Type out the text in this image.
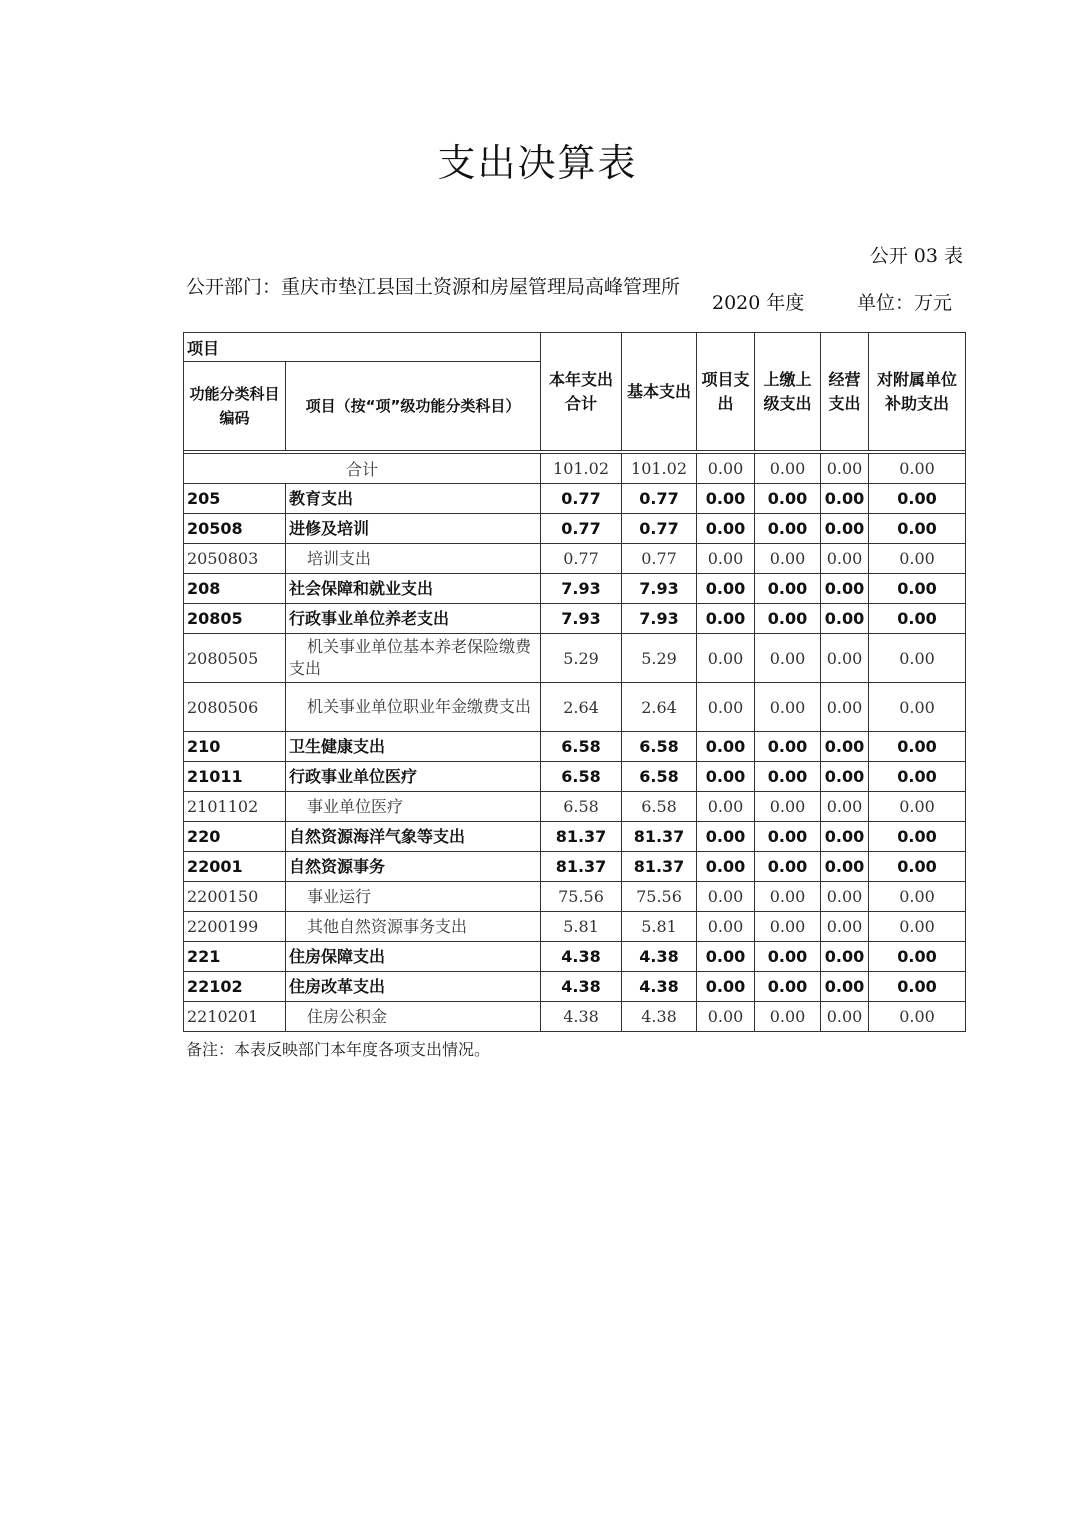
支出决算表
公开 03 表
公开部门：重庆市垫江县国土资源和房屋管理局高峰管理所
2020 年度	单位：万元
项目		本年支出合计	基本支出	项目支出	上缴上级支出	经营支出	对附属单位补助支出
功能分类科目编码	项目（按“项”级功能分类科目）						

合计		101.02	101.02	0.00	0.00	0.00	0.00
205	教育支出	0.77	0.77	0.00	0.00	0.00	0.00
20508	进修及培训	0.77	0.77	0.00	0.00	0.00	0.00
2050803	培训支出	0.77	0.77	0.00	0.00	0.00	0.00
208	社会保障和就业支出	7.93	7.93	0.00	0.00	0.00	0.00
20805	行政事业单位养老支出	7.93	7.93	0.00	0.00	0.00	0.00
2080505	机关事业单位基本养老保险缴费支出	5.29	5.29	0.00	0.00	0.00	0.00
2080506	机关事业单位职业年金缴费支出	2.64	2.64	0.00	0.00	0.00	0.00
210	卫生健康支出	6.58	6.58	0.00	0.00	0.00	0.00
21011	行政事业单位医疗	6.58	6.58	0.00	0.00	0.00	0.00
2101102	事业单位医疗	6.58	6.58	0.00	0.00	0.00	0.00
220	自然资源海洋气象等支出	81.37	81.37	0.00	0.00	0.00	0.00
22001	自然资源事务	81.37	81.37	0.00	0.00	0.00	0.00
2200150	事业运行	75.56	75.56	0.00	0.00	0.00	0.00
2200199	其他自然资源事务支出	5.81	5.81	0.00	0.00	0.00	0.00
221	住房保障支出	4.38	4.38	0.00	0.00	0.00	0.00
22102	住房改革支出	4.38	4.38	0.00	0.00	0.00	0.00
2210201	住房公积金	4.38	4.38	0.00	0.00	0.00	0.00
备注：本表反映部门本年度各项支出情况。
